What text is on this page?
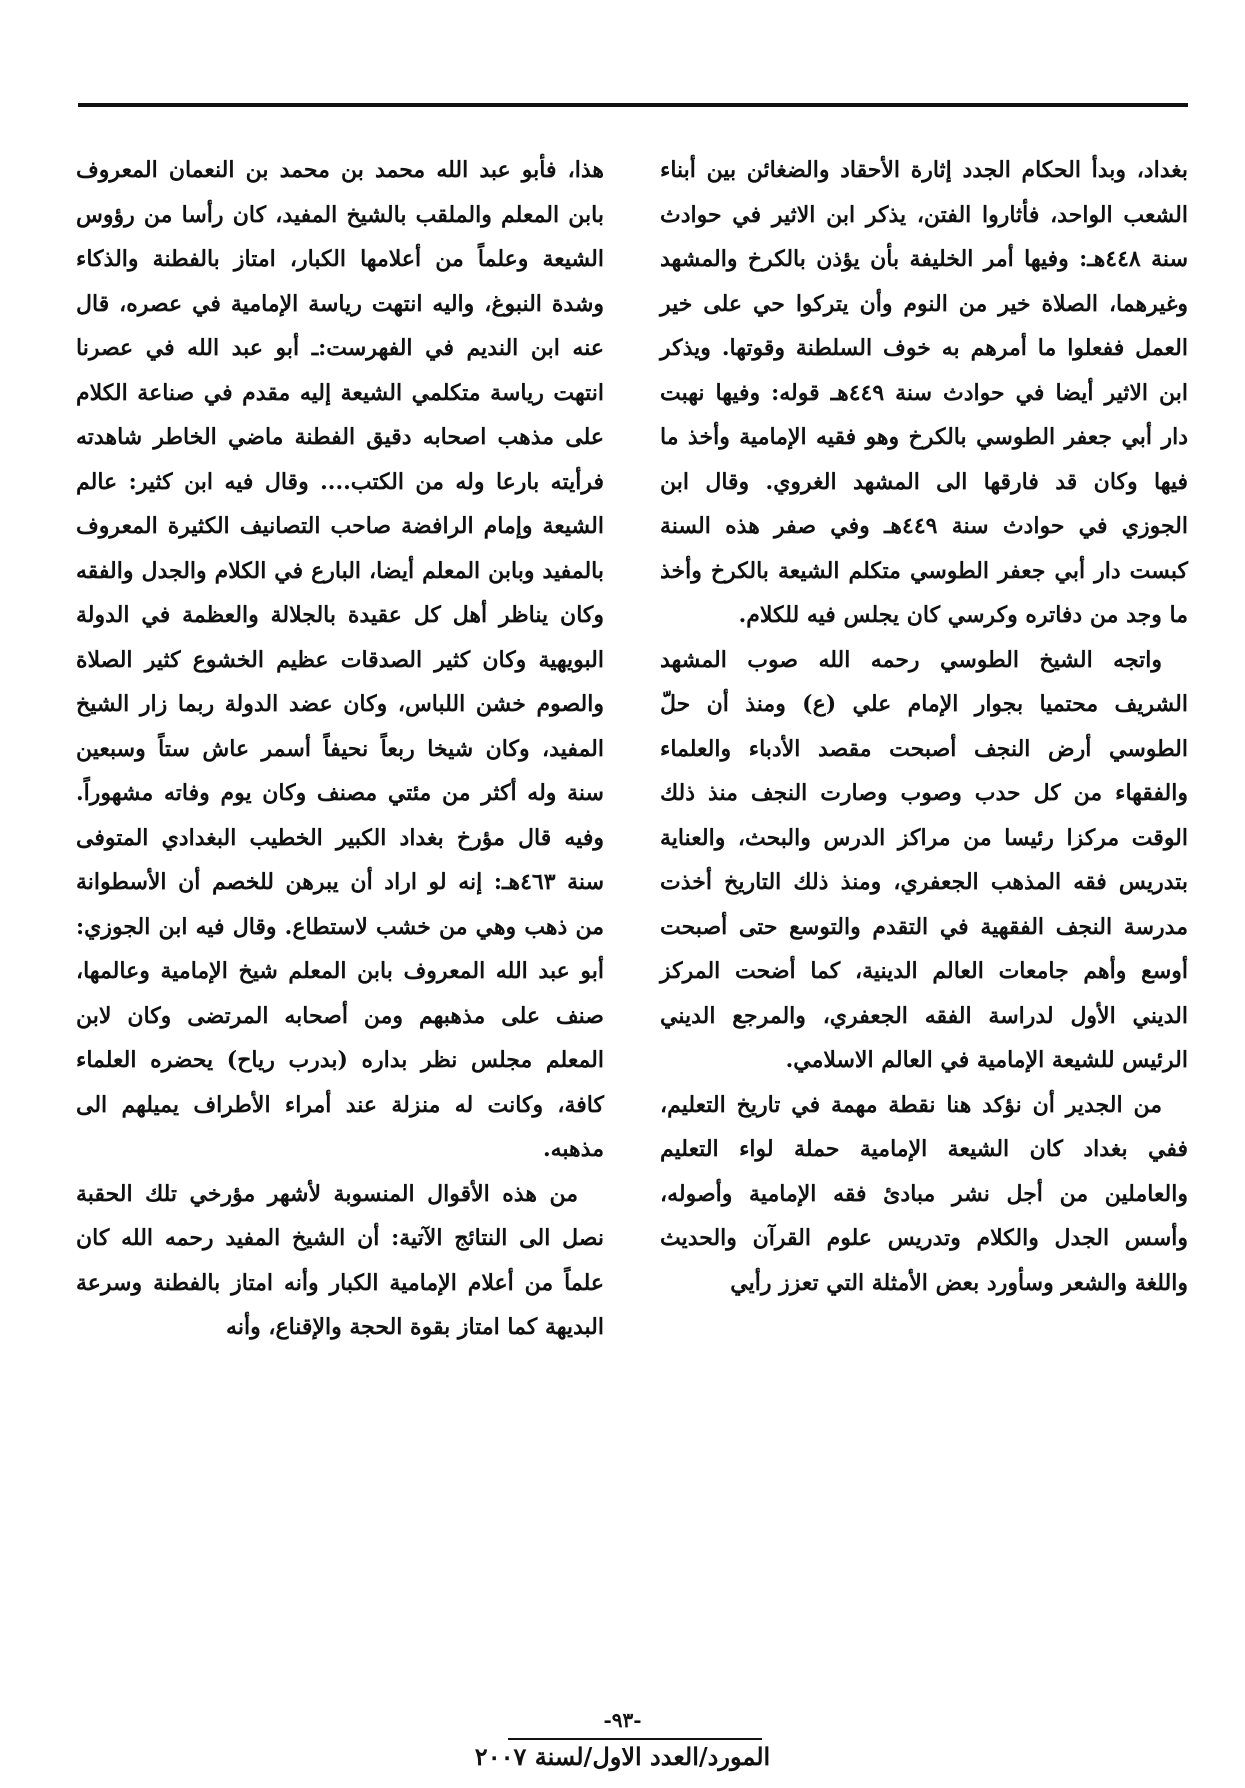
بغداد، وبدأ الحكام الجدد إثارة الأحقاد والضغائن بين أبناء الشعب الواحد، فأثاروا الفتن، يذكر ابن الاثير في حوادث سنة ٤٤٨هـ: وفيها أمر الخليفة بأن يؤذن بالكرخ والمشهد وغيرهما، الصلاة خير من النوم وأن يتركوا حي على خير العمل ففعلوا ما أمرهم به خوف السلطنة وقوتها. ويذكر ابن الاثير أيضا في حوادث سنة ٤٤٩هـ قوله: وفيها نهبت دار أبي جعفر الطوسي بالكرخ وهو فقيه الإمامية وأخذ ما فيها وكان قد فارقها الى المشهد الغروي. وقال ابن الجوزي في حوادث سنة ٤٤٩هـ وفي صفر هذه السنة كبست دار أبي جعفر الطوسي متكلم الشيعة بالكرخ وأخذ ما وجد من دفاتره وكرسي كان يجلس فيه للكلام.

واتجه الشيخ الطوسي رحمه الله صوب المشهد الشريف محتميا بجوار الإمام علي (ع) ومنذ أن حلّ الطوسي أرض النجف أصبحت مقصد الأدباء والعلماء والفقهاء من كل حدب وصوب وصارت النجف منذ ذلك الوقت مركزا رئيسا من مراكز الدرس والبحث، والعناية بتدريس فقه المذهب الجعفري، ومنذ ذلك التاريخ أخذت مدرسة النجف الفقهية في التقدم والتوسع حتى أصبحت أوسع وأهم جامعات العالم الدينية، كما أضحت المركز الديني الأول لدراسة الفقه الجعفري، والمرجع الديني الرئيس للشيعة الإمامية في العالم الاسلامي.

من الجدير أن نؤكد هنا نقطة مهمة في تاريخ التعليم، ففي بغداد كان الشيعة الإمامية حملة لواء التعليم والعاملين من أجل نشر مبادئ فقه الإمامية وأصوله، وأسس الجدل والكلام وتدريس علوم القرآن والحديث واللغة والشعر وسأورد بعض الأمثلة التي تعزز رأيي

هذا، فأبو عبد الله محمد بن محمد بن النعمان المعروف بابن المعلم والملقب بالشيخ المفيد، كان رأسا من رؤوس الشيعة وعلماً من أعلامها الكبار، امتاز بالفطنة والذكاء وشدة النبوغ، واليه انتهت رياسة الإمامية في عصره، قال عنه ابن النديم في الفهرست:ـ أبو عبد الله في عصرنا انتهت رياسة متكلمي الشيعة إليه مقدم في صناعة الكلام على مذهب اصحابه دقيق الفطنة ماضي الخاطر شاهدته فرأيته بارعا وله من الكتب.... وقال فيه ابن كثير: عالم الشيعة وإمام الرافضة صاحب التصانيف الكثيرة المعروف بالمفيد وبابن المعلم أيضا، البارع في الكلام والجدل والفقه وكان يناظر أهل كل عقيدة بالجلالة والعظمة في الدولة البويهية وكان كثير الصدقات عظيم الخشوع كثير الصلاة والصوم خشن اللباس، وكان عضد الدولة ربما زار الشيخ المفيد، وكان شيخا ربعاً نحيفاً أسمر عاش ستاً وسبعين سنة وله أكثر من مئتي مصنف وكان يوم وفاته مشهوراً. وفيه قال مؤرخ بغداد الكبير الخطيب البغدادي المتوفى سنة ٤٦٣هـ: إنه لو اراد أن يبرهن للخصم أن الأسطوانة من ذهب وهي من خشب لاستطاع. وقال فيه ابن الجوزي: أبو عبد الله المعروف بابن المعلم شيخ الإمامية وعالمها، صنف على مذهبهم ومن أصحابه المرتضى وكان لابن المعلم مجلس نظر بداره (بدرب رياح) يحضره العلماء كافة، وكانت له منزلة عند أمراء الأطراف يميلهم الى مذهبه.

من هذه الأقوال المنسوبة لأشهر مؤرخي تلك الحقبة نصل الى النتائج الآتية: أن الشيخ المفيد رحمه الله كان علماً من أعلام الإمامية الكبار وأنه امتاز بالفطنة وسرعة البديهة كما امتاز بقوة الحجة والإقناع، وأنه

-٩٣-
المورد/العدد الاول/لسنة ٢٠٠٧
